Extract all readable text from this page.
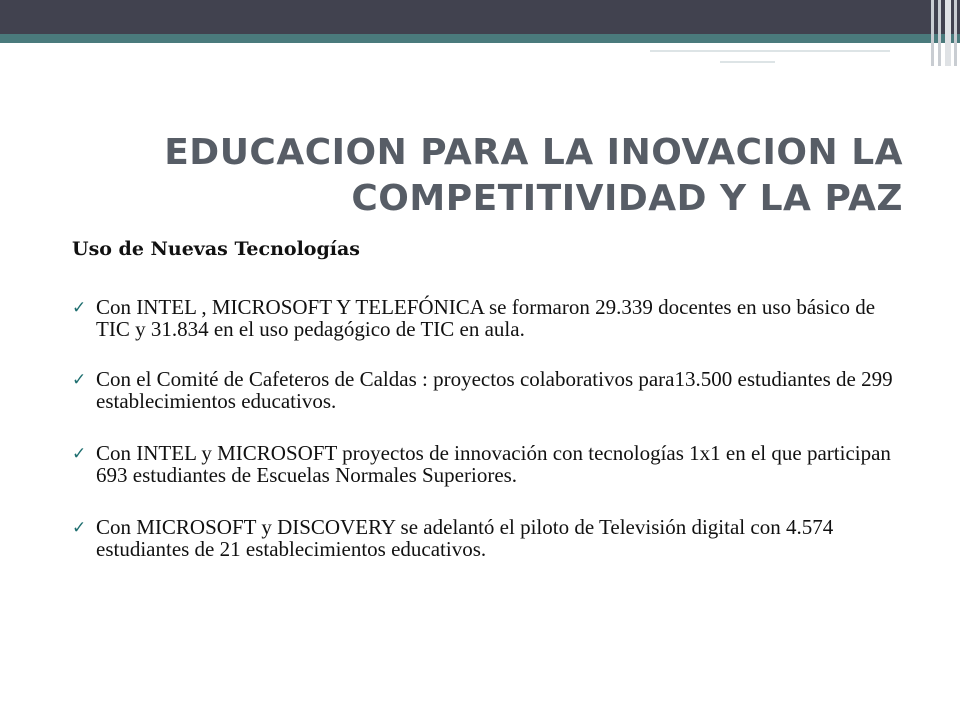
EDUCACION PARA LA INOVACION LA
COMPETITIVIDAD Y LA PAZ

Uso de Nuevas Tecnologías

✓ Con INTEL , MICROSOFT Y TELEFÓNICA se formaron 29.339 docentes en uso básico de TIC y 31.834 en el uso pedagógico de TIC en aula.
✓ Con el Comité de Cafeteros de Caldas : proyectos colaborativos para13.500 estudiantes de 299 establecimientos educativos.
✓ Con INTEL y MICROSOFT proyectos de innovación con tecnologías 1x1 en el que participan 693 estudiantes de Escuelas Normales Superiores.
✓ Con MICROSOFT y DISCOVERY se adelantó el piloto de Televisión digital con 4.574 estudiantes de 21 establecimientos educativos.
